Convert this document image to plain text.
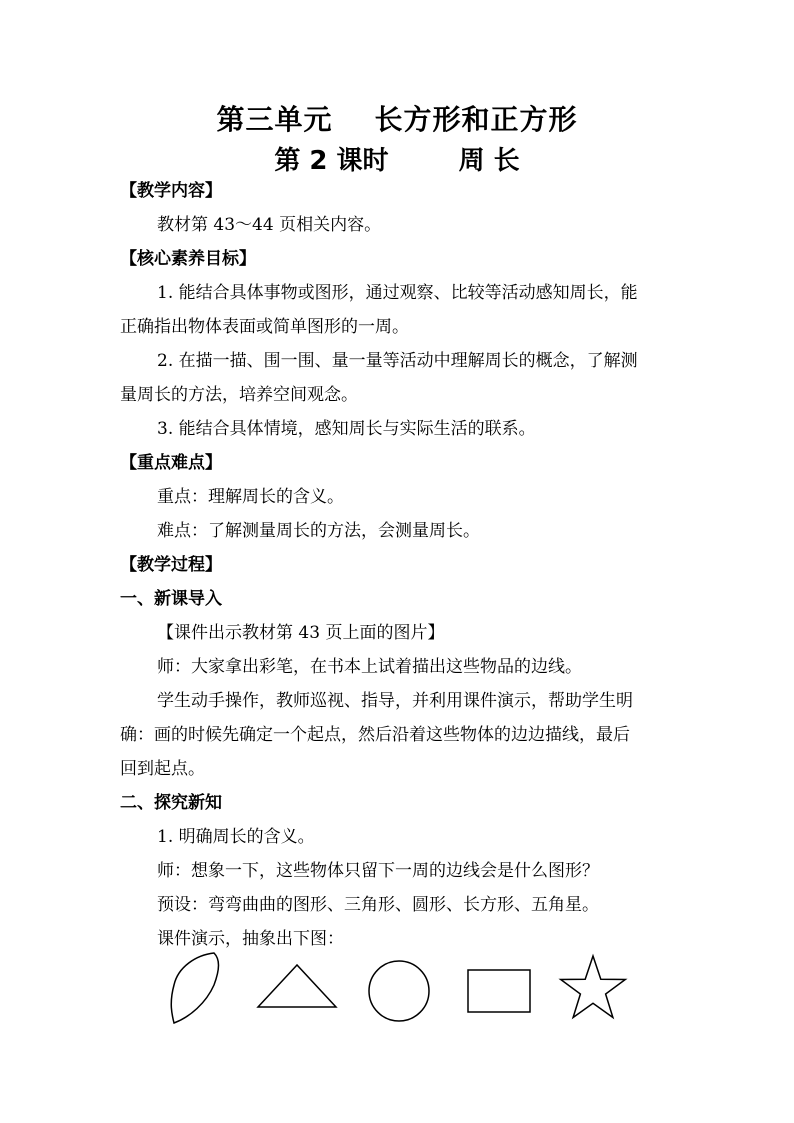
第三单元 长方形和正方形
第 2 课时	周 长
【教学内容】
教材第 43～44 页相关内容。
【核心素养目标】
1. 能结合具体事物或图形，通过观察、比较等活动感知周长，能
正确指出物体表面或简单图形的一周。
2. 在描一描、围一围、量一量等活动中理解周长的概念，了解测
量周长的方法，培养空间观念。
3. 能结合具体情境，感知周长与实际生活的联系。
【重点难点】
重点：理解周长的含义。
难点：了解测量周长的方法，会测量周长。
【教学过程】
一、新课导入
【课件出示教材第 43 页上面的图片】
师：大家拿出彩笔，在书本上试着描出这些物品的边线。
学生动手操作，教师巡视、指导，并利用课件演示，帮助学生明
确：画的时候先确定一个起点，然后沿着这些物体的边边描线，最后
回到起点。
二、探究新知
1. 明确周长的含义。
师：想象一下，这些物体只留下一周的边线会是什么图形？
预设：弯弯曲曲的图形、三角形、圆形、长方形、五角星。
课件演示，抽象出下图：
